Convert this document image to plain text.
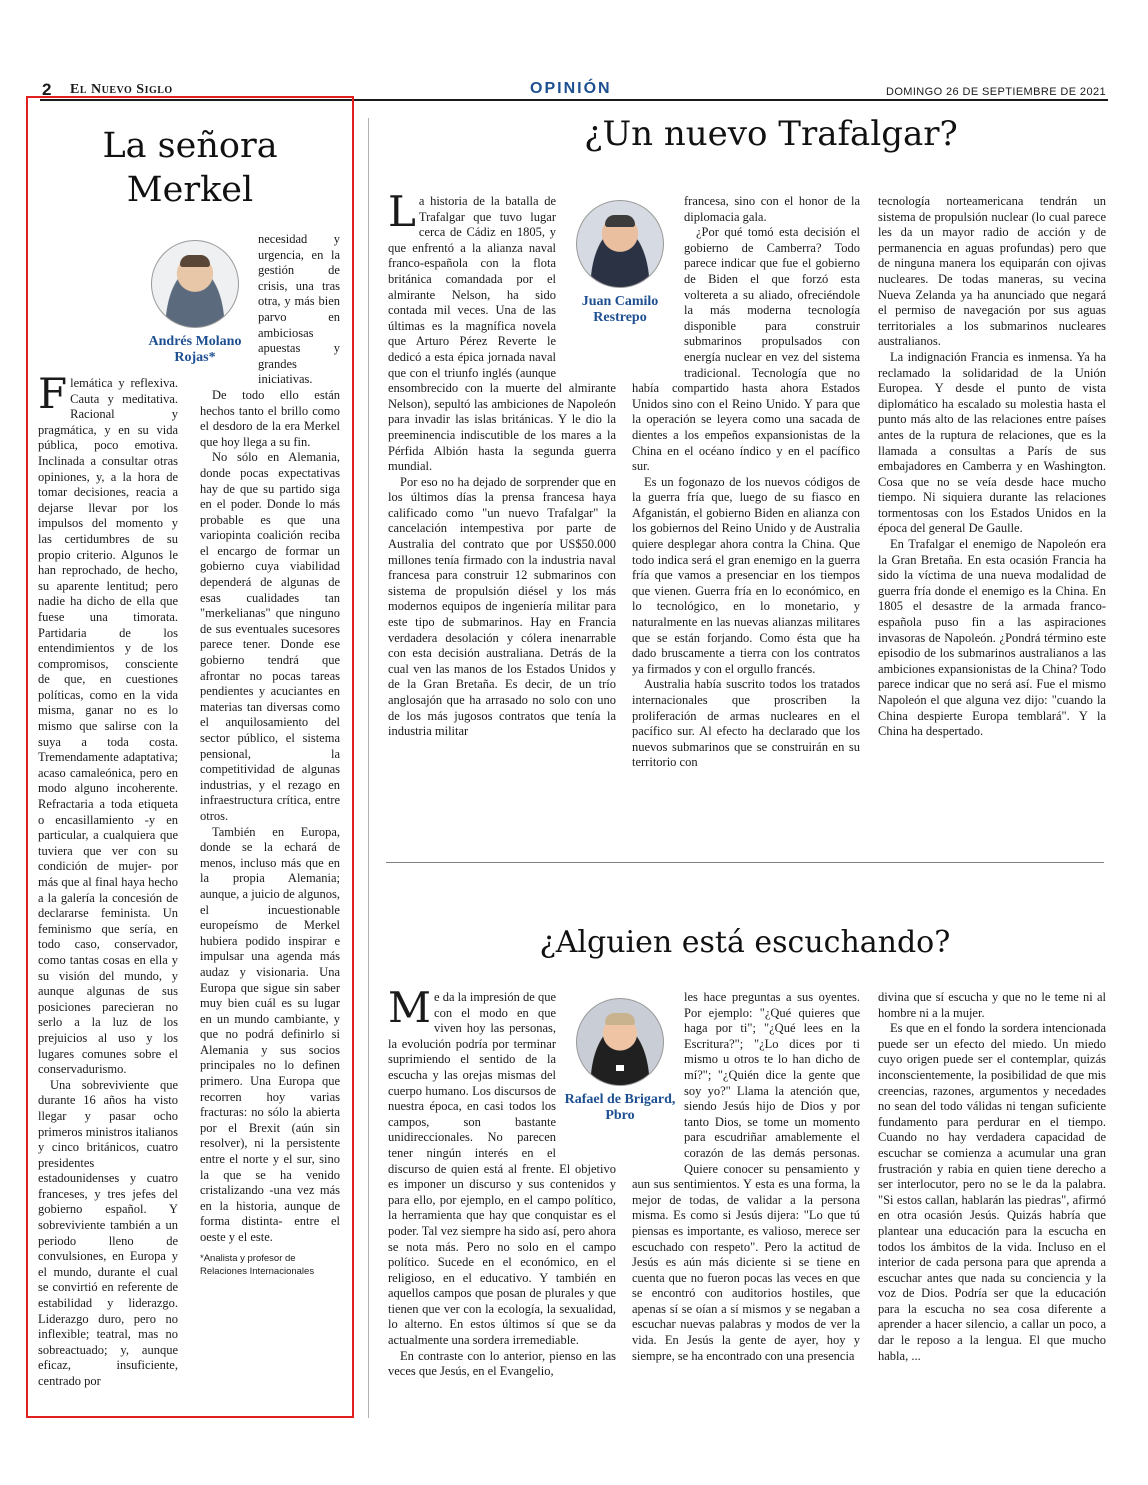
2 El Nuevo Siglo	OPINIÓN	DOMINGO 26 DE SEPTIEMBRE DE 2021
La señora Merkel

Flemática y reflexiva. Cauta y meditativa. Racional y pragmática, y en su vida pública, poco emotiva. Inclinada a consultar otras opiniones, y, a la hora de tomar decisiones, reacia a dejarse llevar por los impulsos del momento y las certidumbres de su propio criterio. Algunos le han reprochado, de hecho, su aparente lentitud; pero nadie ha dicho de ella que fuese una timorata. Partidaria de los entendimientos y de los compromisos, consciente de que, en cuestiones políticas, como en la vida misma, ganar no es lo mismo que salirse con la suya a toda costa. Tremendamente adaptativa; acaso camaleónica, pero en modo alguno incoherente. Refractaria a toda etiqueta o encasillamiento -y en particular, a cualquiera que tuviera que ver con su condición de mujer- por más que al final haya hecho a la galería la concesión de declararse feminista. Un feminismo que sería, en todo caso, conservador, como tantas cosas en ella y su visión del mundo, y aunque algunas de sus posiciones parecieran no serlo a la luz de los prejuicios al uso y los lugares comunes sobre el conservadurismo.

Una sobreviviente que durante 16 años ha visto llegar y pasar ocho primeros ministros italianos y cinco británicos, cuatro presidentes estadounidenses y cuatro franceses, y tres jefes del gobierno español. Y sobreviviente también a un periodo lleno de convulsiones, en Europa y el mundo, durante el cual se convirtió en referente de estabilidad y liderazgo. Liderazgo duro, pero no inflexible; teatral, mas no sobreactuado; y, aunque eficaz, insuficiente, centrado por

Andrés Molano Rojas*

necesidad y urgencia, en la gestión de crisis, una tras otra, y más bien parvo en ambiciosas apuestas y grandes iniciativas.

De todo ello están hechos tanto el brillo como el desdoro de la era Merkel que hoy llega a su fin.

No sólo en Alemania, donde pocas expectativas hay de que su partido siga en el poder. Donde lo más probable es que una variopinta coalición reciba el encargo de formar un gobierno cuya viabilidad dependerá de algunas de esas cualidades tan "merkelianas" que ninguno de sus eventuales sucesores parece tener. Donde ese gobierno tendrá que afrontar no pocas tareas pendientes y acuciantes en materias tan diversas como el anquilosamiento del sector público, el sistema pensional, la competitividad de algunas industrias, y el rezago en infraestructura crítica, entre otros.

También en Europa, donde se la echará de menos, incluso más que en la propia Alemania; aunque, a juicio de algunos, el incuestionable europeísmo de Merkel hubiera podido inspirar e impulsar una agenda más audaz y visionaria. Una Europa que sigue sin saber muy bien cuál es su lugar en un mundo cambiante, y que no podrá definirlo si Alemania y sus socios principales no lo definen primero. Una Europa que recorren hoy varias fracturas: no sólo la abierta por el Brexit (aún sin resolver), ni la persistente entre el norte y el sur, sino la que se ha venido cristalizando -una vez más en la historia, aunque de forma distinta- entre el oeste y el este.

*Analista y profesor de Relaciones Internacionales
¿Un nuevo Trafalgar?

La historia de la batalla de Trafalgar que tuvo lugar cerca de Cádiz en 1805, y que enfrentó a la alianza naval franco-española con la flota británica comandada por el almirante Nelson, ha sido contada mil veces. Una de las últimas es la magnífica novela que Arturo Pérez Reverte le dedicó a esta épica jornada naval que con el triunfo inglés (aunque ensombrecido con la muerte del almirante Nelson), sepultó las ambiciones de Napoleón para invadir las islas británicas. Y le dio la preeminencia indiscutible de los mares a la Pérfida Albión hasta la segunda guerra mundial.

Por eso no ha dejado de sorprender que en los últimos días la prensa francesa haya calificado como "un nuevo Trafalgar" la cancelación intempestiva por parte de Australia del contrato que por US$50.000 millones tenía firmado con la industria naval francesa para construir 12 submarinos con sistema de propulsión diésel y los más modernos equipos de ingeniería militar para este tipo de submarinos. Hay en Francia verdadera desolación y cólera inenarrable con esta decisión australiana. Detrás de la cual ven las manos de los Estados Unidos y de la Gran Bretaña. Es decir, de un trío anglosajón que ha arrasado no solo con uno de los más jugosos contratos que tenía la industria militar

Juan Camilo Restrepo

francesa, sino con el honor de la diplomacia gala.

¿Por qué tomó esta decisión el gobierno de Camberra? Todo parece indicar que fue el gobierno de Biden el que forzó esta voltereta a su aliado, ofreciéndole la más moderna tecnología disponible para construir submarinos propulsados con energía nuclear en vez del sistema tradicional. Tecnología que no había compartido hasta ahora Estados Unidos sino con el Reino Unido. Y para que la operación se leyera como una sacada de dientes a los empeños expansionistas de la China en el océano índico y en el pacífico sur.

Es un fogonazo de los nuevos códigos de la guerra fría que, luego de su fiasco en Afganistán, el gobierno Biden en alianza con los gobiernos del Reino Unido y de Australia quiere desplegar ahora contra la China. Que todo indica será el gran enemigo en la guerra fría que vamos a presenciar en los tiempos que vienen. Guerra fría en lo económico, en lo tecnológico, en lo monetario, y naturalmente en las nuevas alianzas militares que se están forjando. Como ésta que ha dado bruscamente a tierra con los contratos ya firmados y con el orgullo francés.

Australia había suscrito todos los tratados internacionales que proscriben la proliferación de armas nucleares en el pacífico sur. Al efecto ha declarado que los nuevos submarinos que se construirán en su territorio con

tecnología norteamericana tendrán un sistema de propulsión nuclear (lo cual parece les da un mayor radio de acción y de permanencia en aguas profundas) pero que de ninguna manera los equiparán con ojivas nucleares. De todas maneras, su vecina Nueva Zelanda ya ha anunciado que negará el permiso de navegación por sus aguas territoriales a los submarinos nucleares australianos.

La indignación Francia es inmensa. Ya ha reclamado la solidaridad de la Unión Europea. Y desde el punto de vista diplomático ha escalado su molestia hasta el punto más alto de las relaciones entre países antes de la ruptura de relaciones, que es la llamada a consultas a París de sus embajadores en Camberra y en Washington. Cosa que no se veía desde hace mucho tiempo. Ni siquiera durante las relaciones tormentosas con los Estados Unidos en la época del general De Gaulle.

En Trafalgar el enemigo de Napoleón era la Gran Bretaña. En esta ocasión Francia ha sido la víctima de una nueva modalidad de guerra fría donde el enemigo es la China. En 1805 el desastre de la armada franco-española puso fin a las aspiraciones invasoras de Napoleón. ¿Pondrá término este episodio de los submarinos australianos a las ambiciones expansionistas de la China? Todo parece indicar que no será así. Fue el mismo Napoleón el que alguna vez dijo: "cuando la China despierte Europa temblará". Y la China ha despertado.

¿Alguien está escuchando?

Me da la impresión de que con el modo en que viven hoy las personas, la evolución podría por terminar suprimiendo el sentido de la escucha y las orejas mismas del cuerpo humano. Los discursos de nuestra época, en casi todos los campos, son bastante unidireccionales. No parecen tener ningún interés en el discurso de quien está al frente. El objetivo es imponer un discurso y sus contenidos y para ello, por ejemplo, en el campo político, la herramienta que hay que conquistar es el poder. Tal vez siempre ha sido así, pero ahora se nota más. Pero no solo en el campo político. Sucede en el económico, en el religioso, en el educativo. Y también en aquellos campos que posan de plurales y que tienen que ver con la ecología, la sexualidad, lo alterno. En estos últimos sí que se da actualmente una sordera irremediable.

En contraste con lo anterior, pienso en las veces que Jesús, en el Evangelio,

Rafael de Brigard, Pbro

les hace preguntas a sus oyentes. Por ejemplo: "¿Qué quieres que haga por ti"; "¿Qué lees en la Escritura?"; "¿Lo dices por ti mismo u otros te lo han dicho de mí?"; "¿Quién dice la gente que soy yo?" Llama la atención que, siendo Jesús hijo de Dios y por tanto Dios, se tome un momento para escudriñar amablemente el corazón de las demás personas. Quiere conocer su pensamiento y aun sus sentimientos. Y esta es una forma, la mejor de todas, de validar a la persona misma. Es como si Jesús dijera: "Lo que tú piensas es importante, es valioso, merece ser escuchado con respeto". Pero la actitud de Jesús es aún más diciente si se tiene en cuenta que no fueron pocas las veces en que se encontró con auditorios hostiles, que apenas sí se oían a sí mismos y se negaban a escuchar nuevas palabras y modos de ver la vida. En Jesús la gente de ayer, hoy y siempre, se ha encontrado con una presencia

divina que sí escucha y que no le teme ni al hombre ni a la mujer.

Es que en el fondo la sordera intencionada puede ser un efecto del miedo. Un miedo cuyo origen puede ser el contemplar, quizás inconscientemente, la posibilidad de que mis creencias, razones, argumentos y necedades no sean del todo válidas ni tengan suficiente fundamento para perdurar en el tiempo. Cuando no hay verdadera capacidad de escuchar se comienza a acumular una gran frustración y rabia en quien tiene derecho a ser interlocutor, pero no se le da la palabra. "Si estos callan, hablarán las piedras", afirmó en otra ocasión Jesús. Quizás habría que plantear una educación para la escucha en todos los ámbitos de la vida. Incluso en el interior de cada persona para que aprenda a escuchar antes que nada su conciencia y la voz de Dios. Podría ser que la educación para la escucha no sea cosa diferente a aprender a hacer silencio, a callar un poco, a dar le reposo a la lengua. El que mucho habla, ...
